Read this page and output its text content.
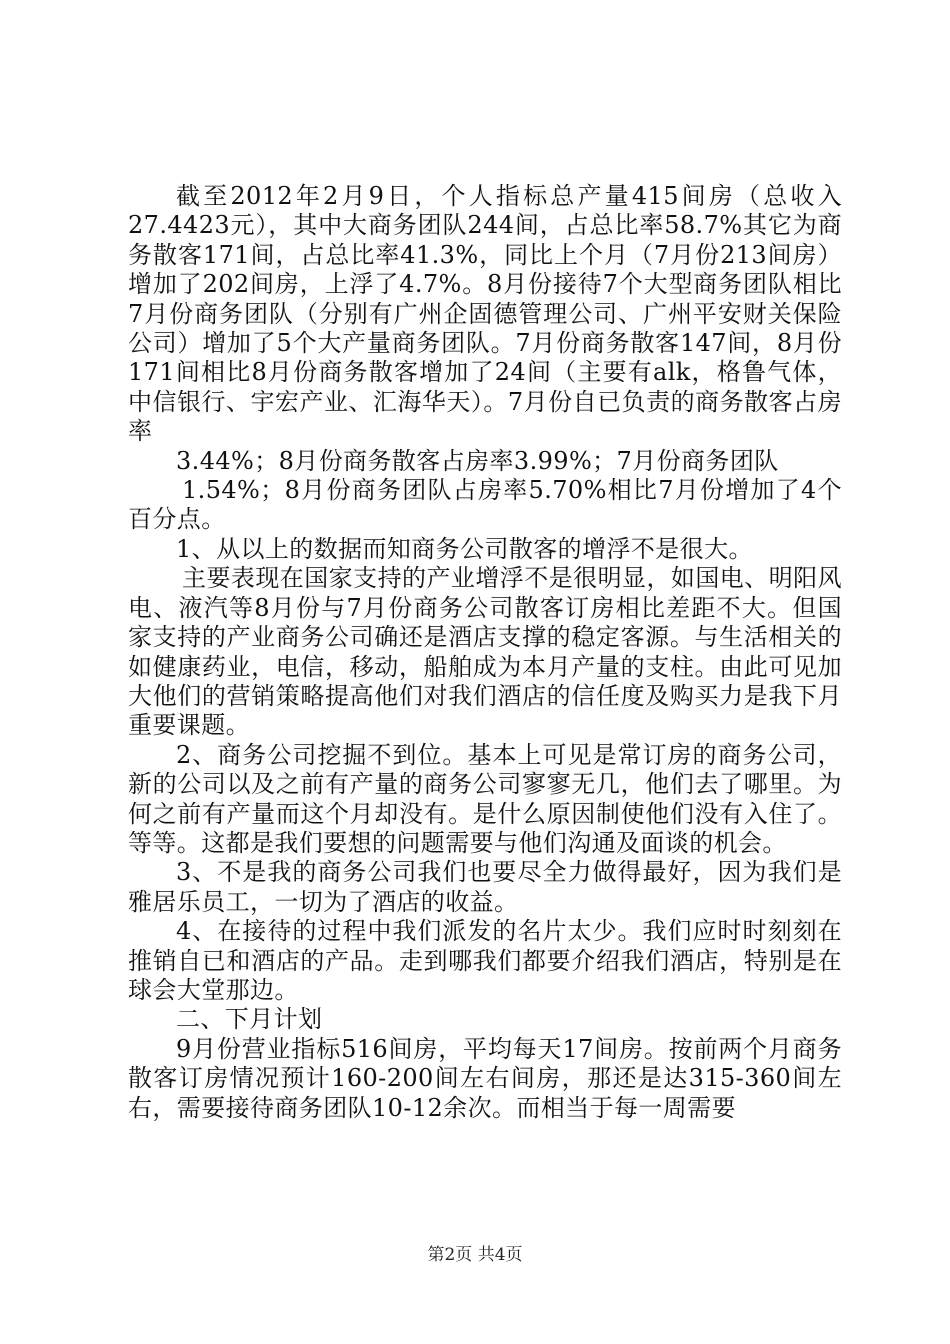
截至2012年2月9日，个人指标总产量415间房（总收入27.4423元），其中大商务团队244间，占总比率58.7%其它为商务散客171间，占总比率41.3%，同比上个月（7月份213间房）增加了202间房，上浮了4.7%。8月份接待7个大型商务团队相比7月份商务团队（分别有广州企固德管理公司、广州平安财关保险公司）增加了5个大产量商务团队。7月份商务散客147间，8月份171间相比8月份商务散客增加了24间（主要有alk，格鲁气体，中信银行、宇宏产业、汇海华天）。7月份自已负责的商务散客占房率

3.44%；8月份商务散客占房率3.99%；7月份商务团队

1.54%；8月份商务团队占房率5.70%相比7月份增加了4个百分点。

1、从以上的数据而知商务公司散客的增浮不是很大。

主要表现在国家支持的产业增浮不是很明显，如国电、明阳风电、液汽等8月份与7月份商务公司散客订房相比差距不大。但国家支持的产业商务公司确还是酒店支撑的稳定客源。与生活相关的如健康药业，电信，移动，船舶成为本月产量的支柱。由此可见加大他们的营销策略提高他们对我们酒店的信任度及购买力是我下月重要课题。

2、商务公司挖掘不到位。基本上可见是常订房的商务公司，新的公司以及之前有产量的商务公司寥寥无几，他们去了哪里。为何之前有产量而这个月却没有。是什么原因制使他们没有入住了。等等。这都是我们要想的问题需要与他们沟通及面谈的机会。

3、不是我的商务公司我们也要尽全力做得最好，因为我们是雅居乐员工，一切为了酒店的收益。

4、在接待的过程中我们派发的名片太少。我们应时时刻刻在推销自已和酒店的产品。走到哪我们都要介绍我们酒店，特别是在球会大堂那边。

二、下月计划

9月份营业指标516间房，平均每天17间房。按前两个月商务散客订房情况预计160-200间左右间房，那还是达315-360间左右，需要接待商务团队10-12余次。而相当于每一周需要

第2页 共4页
